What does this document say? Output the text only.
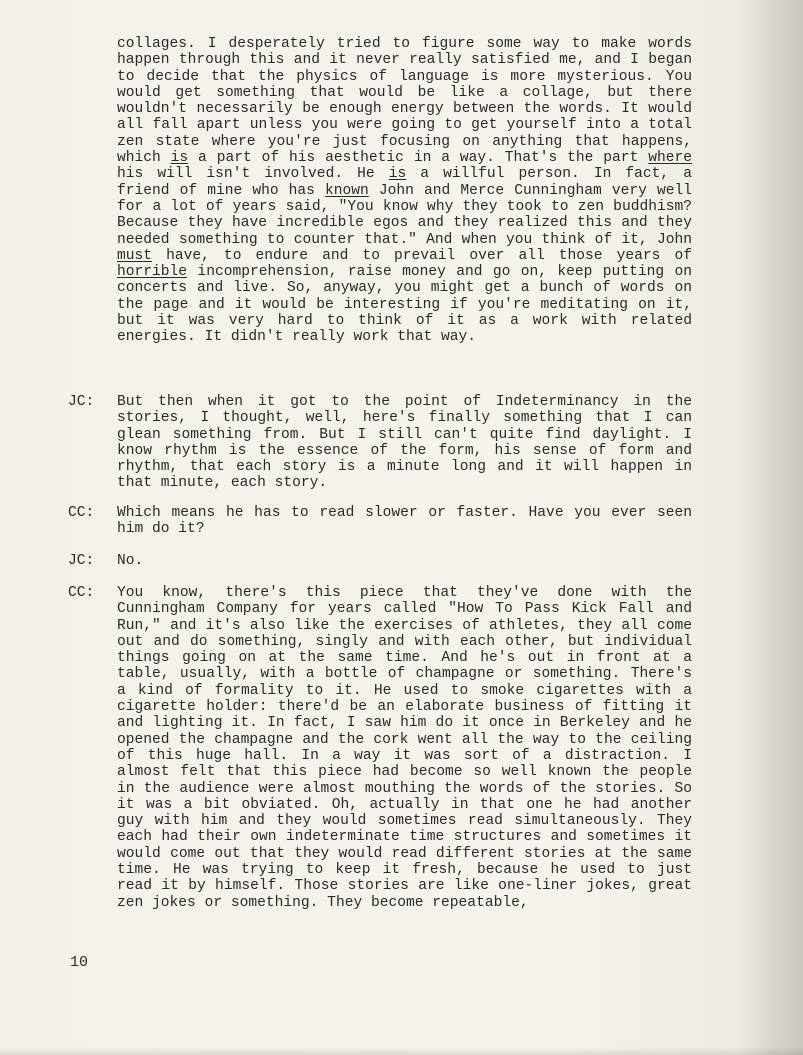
collages. I desperately tried to figure some way to make words happen through this and it never really satisfied me, and I began to decide that the physics of language is more mysterious. You would get something that would be like a collage, but there wouldn't necessarily be enough energy between the words. It would all fall apart unless you were going to get yourself into a total zen state where you're just focusing on anything that happens, which is a part of his aesthetic in a way. That's the part where his will isn't involved. He is a willful person. In fact, a friend of mine who has known John and Merce Cunningham very well for a lot of years said, "You know why they took to zen buddhism? Because they have incredible egos and they realized this and they needed something to counter that." And when you think of it, John must have, to endure and to prevail over all those years of horrible incomprehension, raise money and go on, keep putting on concerts and live. So, anyway, you might get a bunch of words on the page and it would be interesting if you're meditating on it, but it was very hard to think of it as a work with related energies. It didn't really work that way.

JC:	But then when it got to the point of Indeterminancy in the stories, I thought, well, here's finally something that I can glean something from. But I still can't quite find daylight. I know rhythm is the essence of the form, his sense of form and rhythm, that each story is a minute long and it will happen in that minute, each story.

CC:	Which means he has to read slower or faster. Have you ever seen him do it?

JC:	No.

CC:	You know, there's this piece that they've done with the Cunningham Company for years called "How To Pass Kick Fall and Run," and it's also like the exercises of athletes, they all come out and do something, singly and with each other, but individual things going on at the same time. And he's out in front at a table, usually, with a bottle of champagne or something. There's a kind of formality to it. He used to smoke cigarettes with a cigarette holder: there'd be an elaborate business of fitting it and lighting it. In fact, I saw him do it once in Berkeley and he opened the champagne and the cork went all the way to the ceiling of this huge hall. In a way it was sort of a distraction. I almost felt that this piece had become so well known the people in the audience were almost mouthing the words of the stories. So it was a bit obviated. Oh, actually in that one he had another guy with him and they would sometimes read simultaneously. They each had their own indeterminate time structures and sometimes it would come out that they would read different stories at the same time. He was trying to keep it fresh, because he used to just read it by himself. Those stories are like one-liner jokes, great zen jokes or something. They become repeatable,

10
